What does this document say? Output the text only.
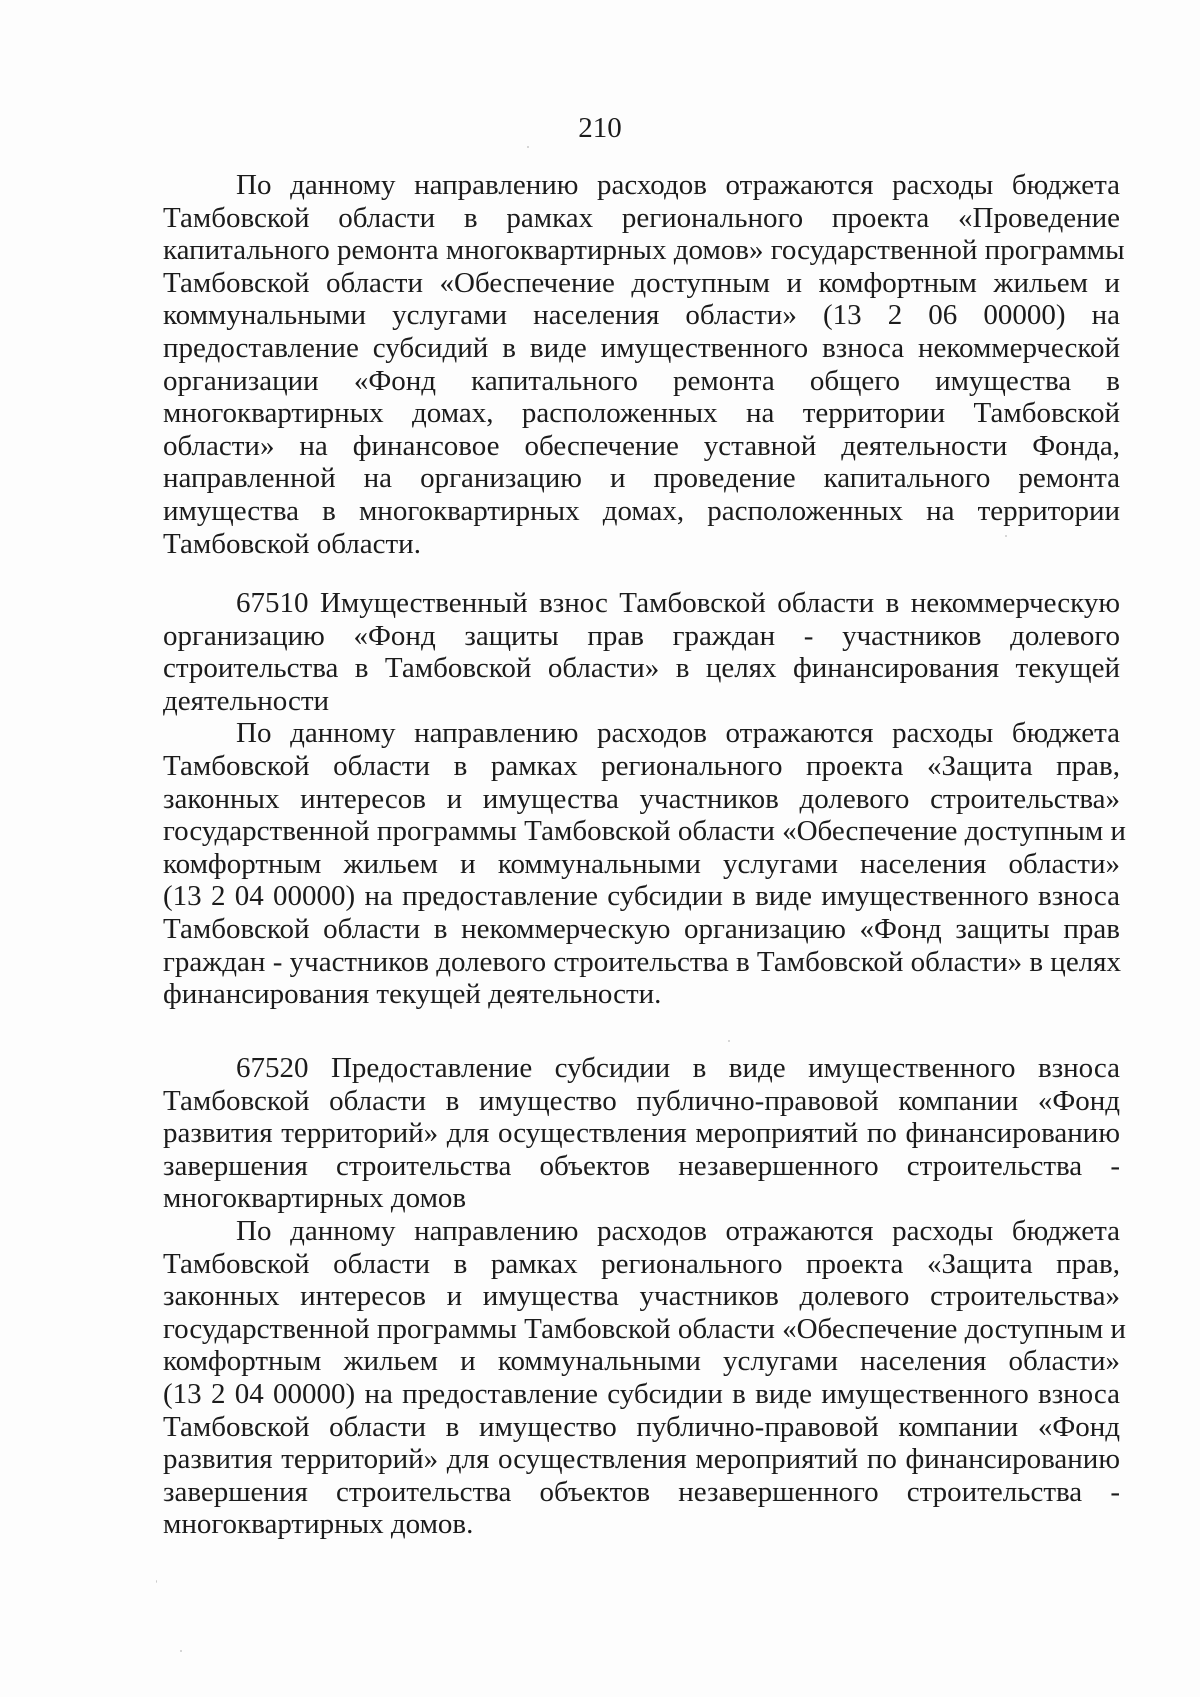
210
По данному направлению расходов отражаются расходы бюджета
Тамбовской области в рамках регионального проекта «Проведение
капитального ремонта многоквартирных домов» государственной программы
Тамбовской области «Обеспечение доступным и комфортным жильем и
коммунальными услугами населения области» (13 2 06 00000) на
предоставление субсидий в виде имущественного взноса некоммерческой
организации «Фонд капитального ремонта общего имущества в
многоквартирных домах, расположенных на территории Тамбовской
области» на финансовое обеспечение уставной деятельности Фонда,
направленной на организацию и проведение капитального ремонта
имущества в многоквартирных домах, расположенных на территории
Тамбовской области.
67510 Имущественный взнос Тамбовской области в некоммерческую
организацию «Фонд защиты прав граждан - участников долевого
строительства в Тамбовской области» в целях финансирования текущей
деятельности
По данному направлению расходов отражаются расходы бюджета
Тамбовской области в рамках регионального проекта «Защита прав,
законных интересов и имущества участников долевого строительства»
государственной программы Тамбовской области «Обеспечение доступным и
комфортным жильем и коммунальными услугами населения области»
(13 2 04 00000) на предоставление субсидии в виде имущественного взноса
Тамбовской области в некоммерческую организацию «Фонд защиты прав
граждан - участников долевого строительства в Тамбовской области» в целях
финансирования текущей деятельности.
67520 Предоставление субсидии в виде имущественного взноса
Тамбовской области в имущество публично-правовой компании «Фонд
развития территорий» для осуществления мероприятий по финансированию
завершения строительства объектов незавершенного строительства -
многоквартирных домов
По данному направлению расходов отражаются расходы бюджета
Тамбовской области в рамках регионального проекта «Защита прав,
законных интересов и имущества участников долевого строительства»
государственной программы Тамбовской области «Обеспечение доступным и
комфортным жильем и коммунальными услугами населения области»
(13 2 04 00000) на предоставление субсидии в виде имущественного взноса
Тамбовской области в имущество публично-правовой компании «Фонд
развития территорий» для осуществления мероприятий по финансированию
завершения строительства объектов незавершенного строительства -
многоквартирных домов.
